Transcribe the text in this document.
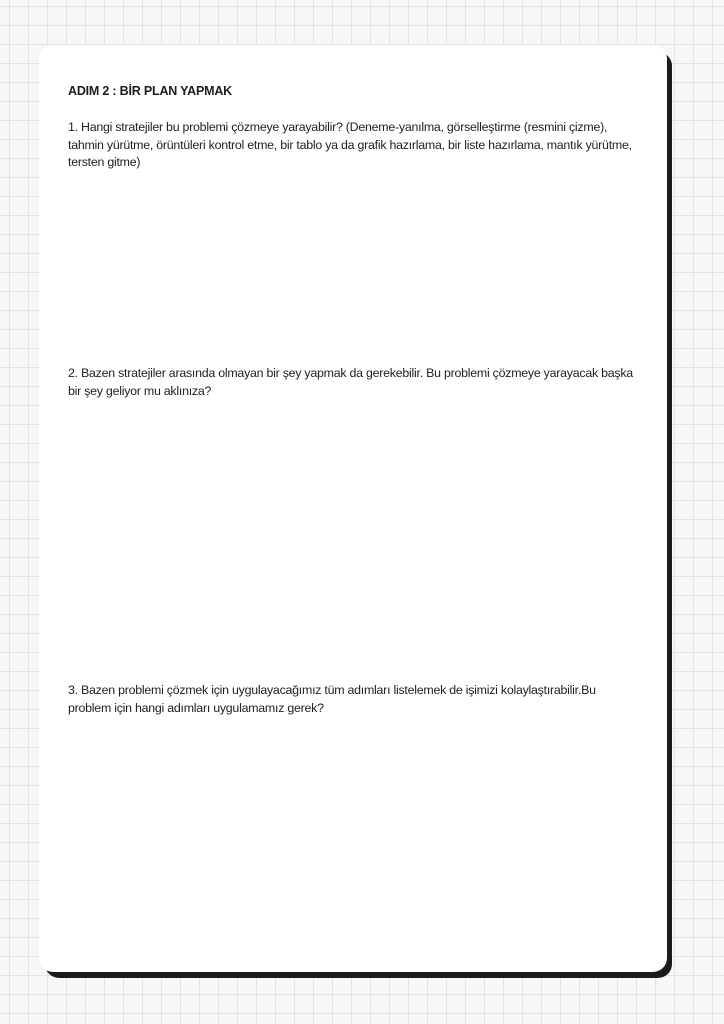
ADIM 2 : BİR PLAN YAPMAK

1. Hangi stratejiler bu problemi çözmeye yarayabilir? (Deneme-yanılma, görselleştirme (resmini çizme), tahmin yürütme, örüntüleri kontrol etme, bir tablo ya da grafik hazırlama, bir liste hazırlama, mantık yürütme, tersten gitme)

2. Bazen stratejiler arasında olmayan bir şey yapmak da gerekebilir. Bu problemi çözmeye yarayacak başka bir şey geliyor mu aklınıza?

3. Bazen problemi çözmek için uygulayacağımız tüm adımları listelemek de işimizi kolaylaştırabilir.Bu problem için hangi adımları uygulamamız gerek?
